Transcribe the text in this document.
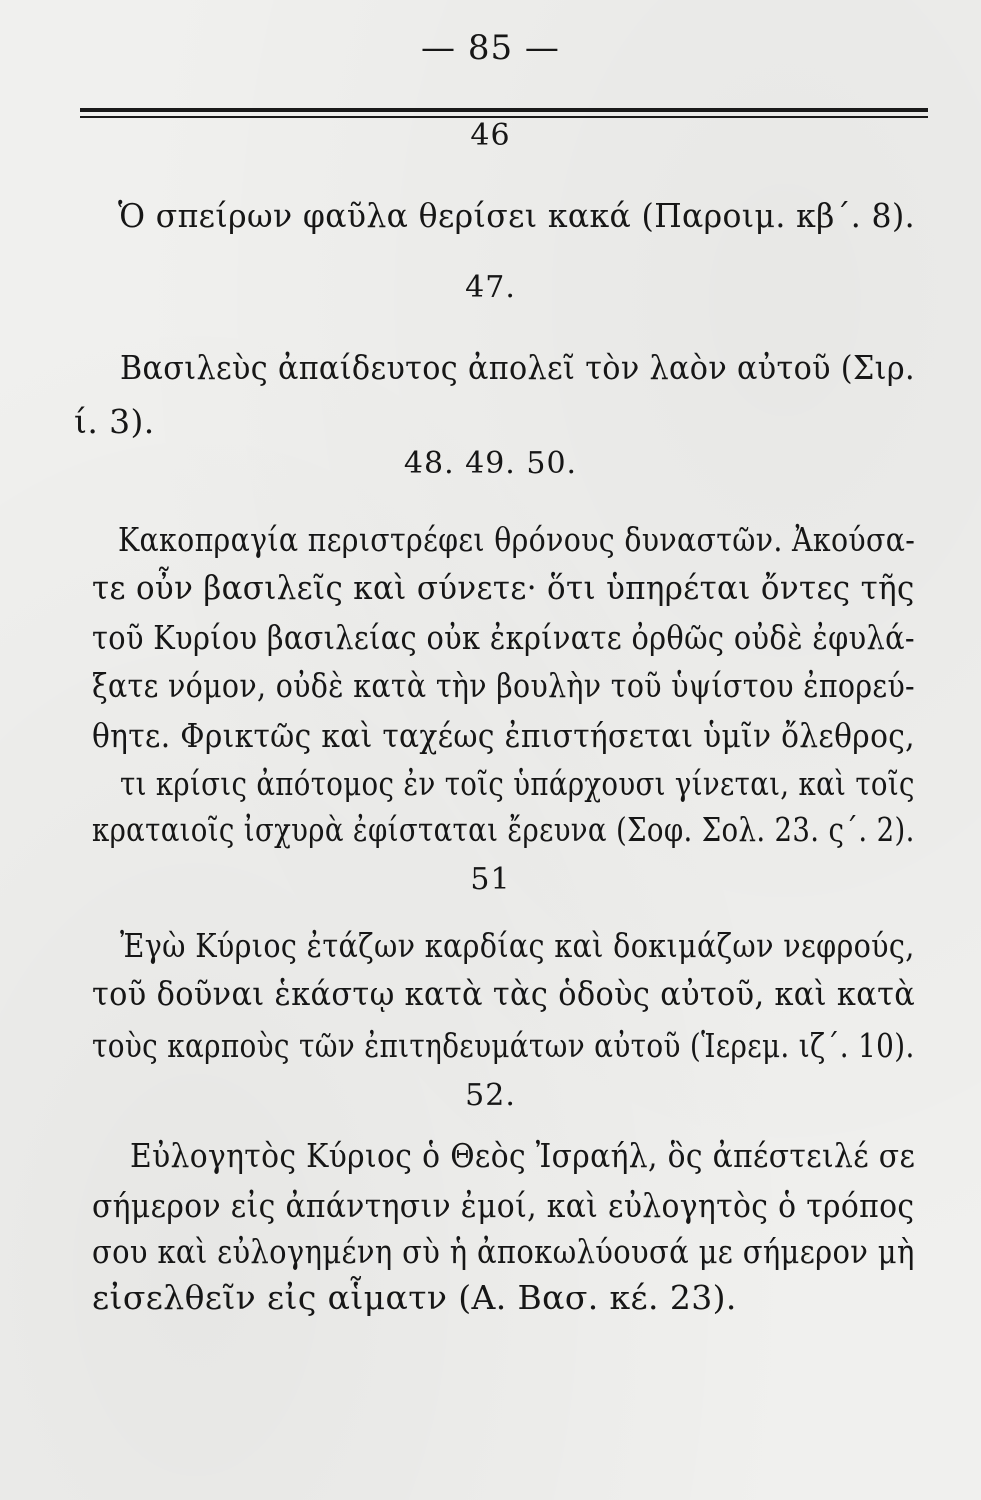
— 85 —
46
Ὁ σπείρων φαῦλα θερίσει κακά (Παροιμ. κβ΄. 8).
47.
Βασιλεὺς ἀπαίδευτος ἀπολεῖ τὸν λαὸν αὐτοῦ (Σιρ.
ί. 3).
48. 49. 50.
Κακοπραγία περιστρέφει θρόνους δυναστῶν. Ἀκούσα-
τε οὖν βασιλεῖς καὶ σύνετε· ὅτι ὑπηρέται ὄντες τῆς
τοῦ Κυρίου βασιλείας οὐκ ἐκρίνατε ὀρθῶς οὐδὲ ἐφυλά-
ξατε νόμον, οὐδὲ κατὰ τὴν βουλὴν τοῦ ὑψίστου ἐπορεύ-
θητε. Φρικτῶς καὶ ταχέως ἐπιστήσεται ὑμῖν ὄλεθρος,
τι κρίσις ἀπότομος ἐν τοῖς ὑπάρχουσι γίνεται, καὶ τοῖς
κραταιοῖς ἰσχυρὰ ἐφίσταται ἔρευνα (Σοφ. Σολ. 23. ς΄. 2).
51
Ἐγὼ Κύριος ἐτάζων καρδίας καὶ δοκιμάζων νεφρούς,
τοῦ δοῦναι ἑκάστῳ κατὰ τὰς ὁδοὺς αὐτοῦ, καὶ κατὰ
τοὺς καρποὺς τῶν ἐπιτηδευμάτων αὐτοῦ (Ἱερεμ. ιζ΄. 10).
52.
Εὐλογητὸς Κύριος ὁ Θεὸς Ἰσραήλ, ὃς ἀπέστειλέ σε
σήμερον εἰς ἀπάντησιν ἐμοί, καὶ εὐλογητὸς ὁ τρόπος
σου καὶ εὐλογημένη σὺ ἡ ἀποκωλύουσά με σήμερον μὴ
εἰσελθεῖν εἰς αἷματν (Α. Βασ. κέ. 23).
